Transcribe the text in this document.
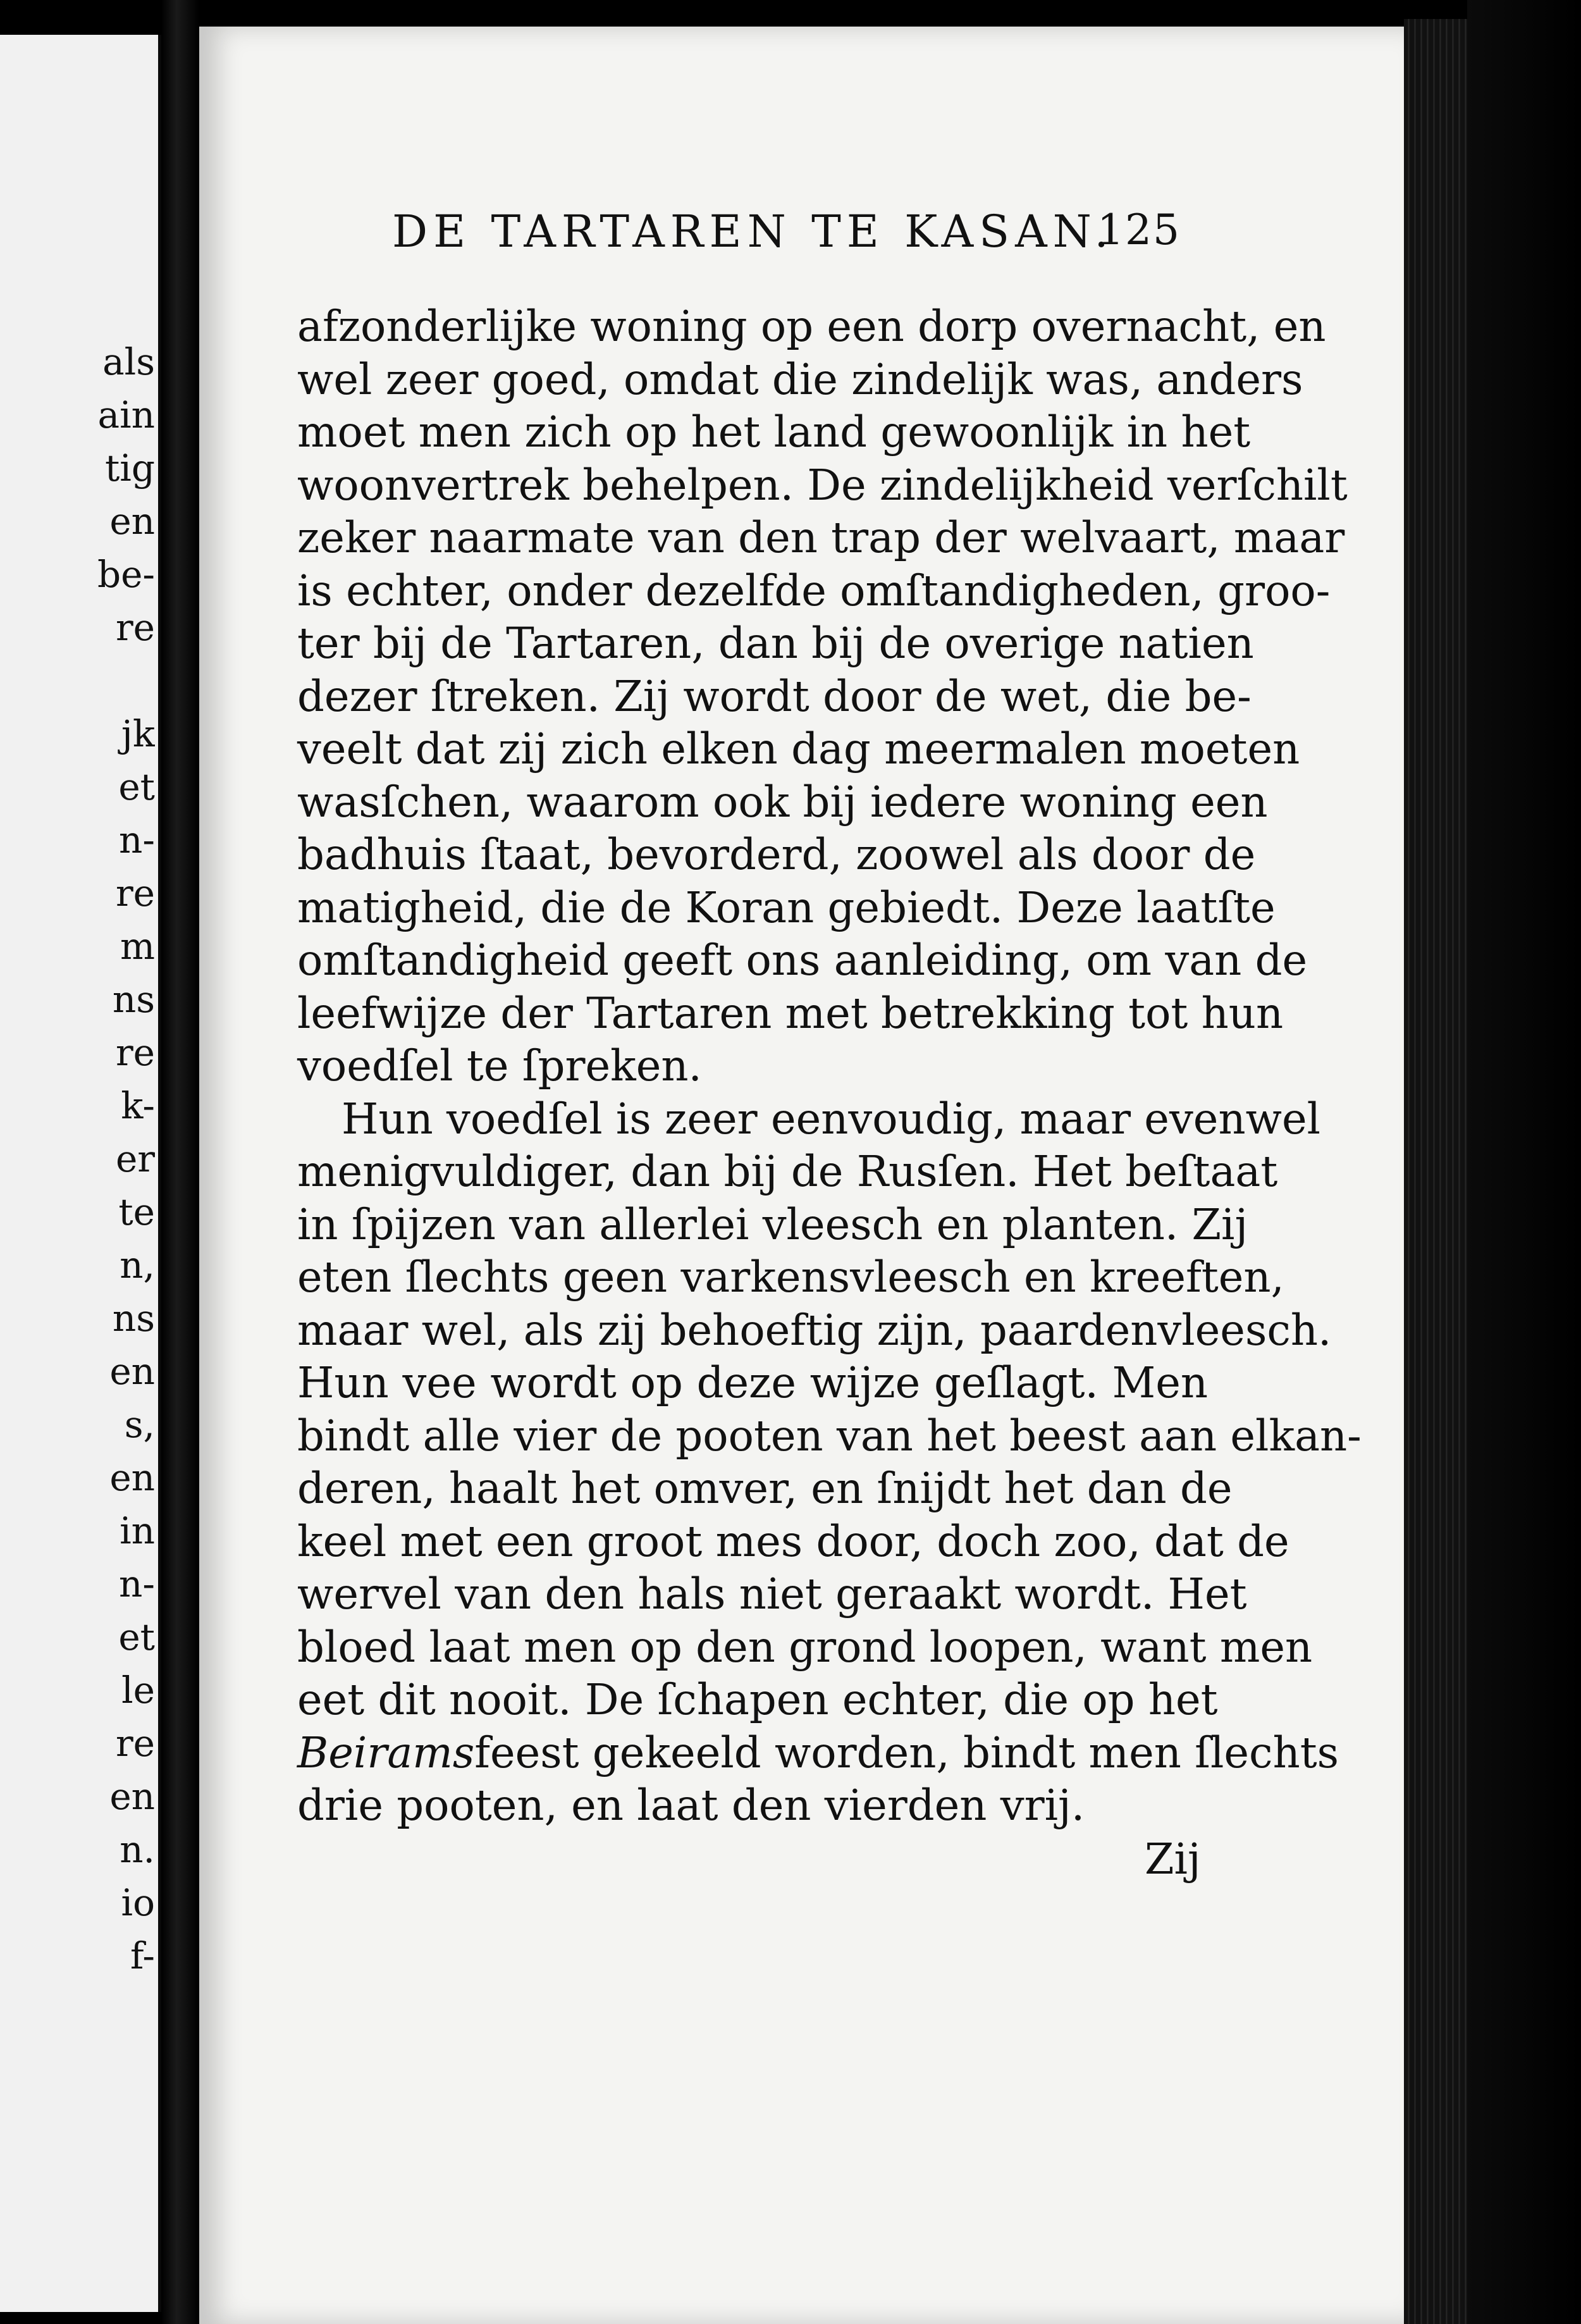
als
ain
tig
en
be-
re
jk
et
n-
re
m
ns
re
k-
er
te
n,
ns
en
s,
en
in
n-
et
le
re
en
n.
io
f-
DE TARTAREN TE KASAN.
125
afzonderlijke woning op een dorp overnacht, en
wel zeer goed, omdat die zindelijk was, anders
moet men zich op het land gewoonlijk in het
woonvertrek behelpen. De zindelijkheid verſchilt
zeker naarmate van den trap der welvaart, maar
is echter, onder dezelfde omſtandigheden, groo-
ter bij de Tartaren, dan bij de overige natien
dezer ſtreken. Zij wordt door de wet, die be-
veelt dat zij zich elken dag meermalen moeten
wasſchen, waarom ook bij iedere woning een
badhuis ſtaat, bevorderd, zoowel als door de
matigheid, die de Koran gebiedt. Deze laatſte
omſtandigheid geeft ons aanleiding, om van de
leefwijze der Tartaren met betrekking tot hun
voedſel te ſpreken.
Hun voedſel is zeer eenvoudig, maar evenwel
menigvuldiger, dan bij de Rusſen. Het beſtaat
in ſpijzen van allerlei vleesch en planten. Zij
eten ſlechts geen varkensvleesch en kreeften,
maar wel, als zij behoeftig zijn, paardenvleesch.
Hun vee wordt op deze wijze geſlagt. Men
bindt alle vier de pooten van het beest aan elkan-
deren, haalt het omver, en ſnijdt het dan de
keel met een groot mes door, doch zoo, dat de
wervel van den hals niet geraakt wordt. Het
bloed laat men op den grond loopen, want men
eet dit nooit. De ſchapen echter, die op het
Beiramsfeest gekeeld worden, bindt men ſlechts
drie pooten, en laat den vierden vrij.
Zij
